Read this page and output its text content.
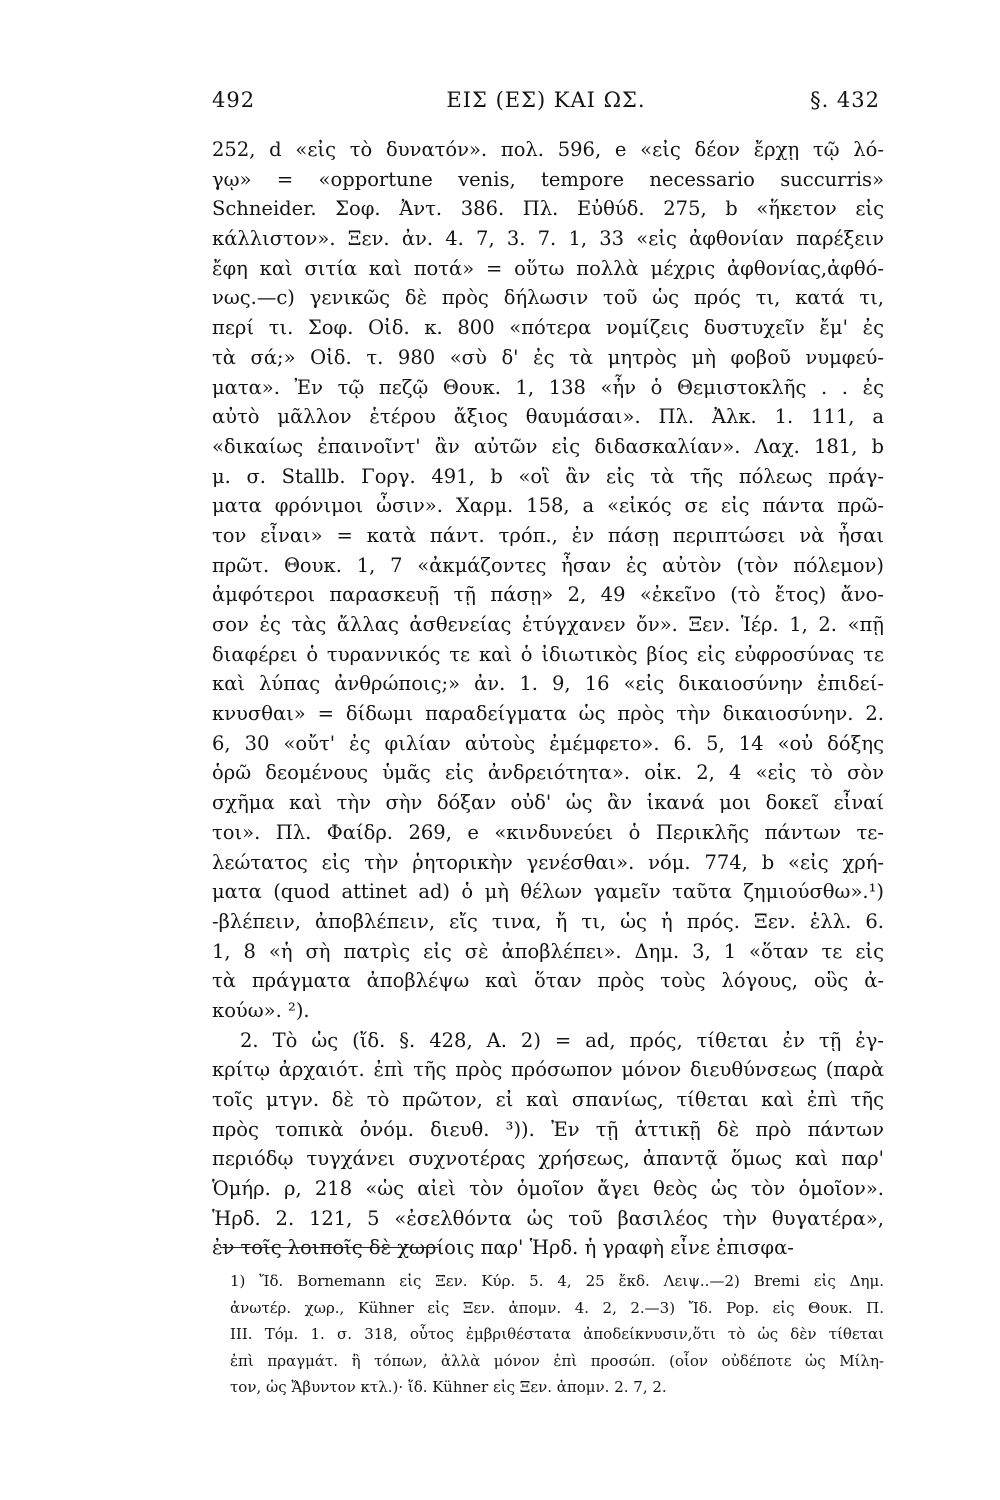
492	ΕΙΣ (ΕΣ) ΚΑΙ ΩΣ.	§. 432
252, d «εἰς τὸ δυνατόν». πολ. 596, e «εἰς δέον ἔρχῃ τῷ λό-
γῳ» = «opportune venis, tempore necessario succurris»
Schneider. Σοφ. Ἀντ. 386. Πλ. Εὐθύδ. 275, b «ἥκετον εἰς
κάλλιστον». Ξεν. ἀν. 4. 7, 3. 7. 1, 33 «εἰς ἀφθονίαν παρέξειν
ἔφη καὶ σιτία καὶ ποτά» = οὕτω πολλὰ μέχρις ἀφθονίας,ἀφθό-
νως.—c) γενικῶς δὲ πρὸς δήλωσιν τοῦ ὡς πρός τι, κατά τι,
περί τι. Σοφ. Οἰδ. κ. 800 «πότερα νομίζεις δυστυχεῖν ἔμ' ἐς
τὰ σά;» Οἰδ. τ. 980 «σὺ δ' ἐς τὰ μητρὸς μὴ φοβοῦ νυμφεύ-
ματα». Ἐν τῷ πεζῷ Θουκ. 1, 138 «ἦν ὁ Θεμιστοκλῆς . . ἐς
αὐτὸ μᾶλλον ἑτέρου ἄξιος θαυμάσαι». Πλ. Ἀλκ. 1. 111, a
«δικαίως ἐπαινοῖντ' ἂν αὐτῶν εἰς διδασκαλίαν». Λαχ. 181, b
μ. σ. Stallb. Γοργ. 491, b «οἳ ἂν εἰς τὰ τῆς πόλεως πράγ-
ματα φρόνιμοι ὦσιν». Χαρμ. 158, a «εἰκός σε εἰς πάντα πρῶ-
τον εἶναι» = κατὰ πάντ. τρόπ., ἐν πάσῃ περιπτώσει νὰ ἦσαι
πρῶτ. Θουκ. 1, 7 «ἀκμάζοντες ἦσαν ἐς αὐτὸν (τὸν πόλεμον)
ἀμφότεροι παρασκευῇ τῇ πάσῃ» 2, 49 «ἐκεῖνο (τὸ ἔτος) ἄνο-
σον ἐς τὰς ἄλλας ἀσθενείας ἐτύγχανεν ὄν». Ξεν. Ἱέρ. 1, 2. «πῇ
διαφέρει ὁ τυραννικός τε καὶ ὁ ἰδιωτικὸς βίος εἰς εὐφροσύνας τε
καὶ λύπας ἀνθρώποις;» ἀν. 1. 9, 16 «εἰς δικαιοσύνην ἐπιδεί-
κνυσθαι» = δίδωμι παραδείγματα ὡς πρὸς τὴν δικαιοσύνην. 2.
6, 30 «οὔτ' ἐς φιλίαν αὐτοὺς ἐμέμφετο». 6. 5, 14 «οὐ δόξης
ὁρῶ δεομένους ὑμᾶς εἰς ἀνδρειότητα». οἰκ. 2, 4 «εἰς τὸ σὸν
σχῆμα καὶ τὴν σὴν δόξαν οὐδ' ὡς ἂν ἱκανά μοι δοκεῖ εἶναί
τοι». Πλ. Φαίδρ. 269, e «κινδυνεύει ὁ Περικλῆς πάντων τε-
λεώτατος εἰς τὴν ῥητορικὴν γενέσθαι». νόμ. 774, b «εἰς χρή-
ματα (quod attinet ad) ὁ μὴ θέλων γαμεῖν ταῦτα ζημιούσθω».¹)
-βλέπειν, ἀποβλέπειν, εἴς τινα, ἤ τι, ὡς ἡ πρός. Ξεν. ἑλλ. 6.
1, 8 «ἡ σὴ πατρὶς εἰς σὲ ἀποβλέπει». Δημ. 3, 1 «ὅταν τε εἰς
τὰ πράγματα ἀποβλέψω καὶ ὅταν πρὸς τοὺς λόγους, οὓς ἀ-
κούω». ²).
2. Τὸ ὡς (ἴδ. §. 428, A. 2) = ad, πρός, τίθεται ἐν τῇ ἐγ-
κρίτῳ ἀρχαιότ. ἐπὶ τῆς πρὸς πρόσωπον μόνον διευθύνσεως (παρὰ
τοῖς μτγν. δὲ τὸ πρῶτον, εἰ καὶ σπανίως, τίθεται καὶ ἐπὶ τῆς
πρὸς τοπικὰ ὀνόμ. διευθ. ³)). Ἐν τῇ ἀττικῇ δὲ πρὸ πάντων
περιόδῳ τυγχάνει συχνοτέρας χρήσεως, ἀπαντᾷ ὅμως καὶ παρ'
Ὁμήρ. ρ, 218 «ὡς αἰεὶ τὸν ὁμοῖον ἄγει θεὸς ὡς τὸν ὁμοῖον».
Ἡρδ. 2. 121, 5 «ἐσελθόντα ὡς τοῦ βασιλέος τὴν θυγατέρα»,
ἐν τοῖς λοιποῖς δὲ χωρίοις παρ' Ἡρδ. ἡ γραφὴ εἶνε ἐπισφα-
1) Ἴδ. Bornemann εἰς Ξεν. Κύρ. 5. 4, 25 ἔκδ. Λειψ..—2) Bremi εἰς Δημ.
ἀνωτέρ. χωρ., Kühner εἰς Ξεν. ἀπομν. 4. 2, 2.—3) Ἴδ. Pop. εἰς Θουκ. Π.
III. Τόμ. 1. σ. 318, οὗτος ἐμβριθέστατα ἀποδείκνυσιν,ὅτι τὸ ὡς δὲν τίθεται
ἐπὶ πραγμάτ. ἢ τόπων, ἀλλὰ μόνον ἐπὶ προσώπ. (οἷον οὐδέποτε ὡς Μίλη-
τον, ὡς Ἄβυντον κτλ.)· ἴδ. Kühner εἰς Ξεν. ἀπομν. 2. 7, 2.
